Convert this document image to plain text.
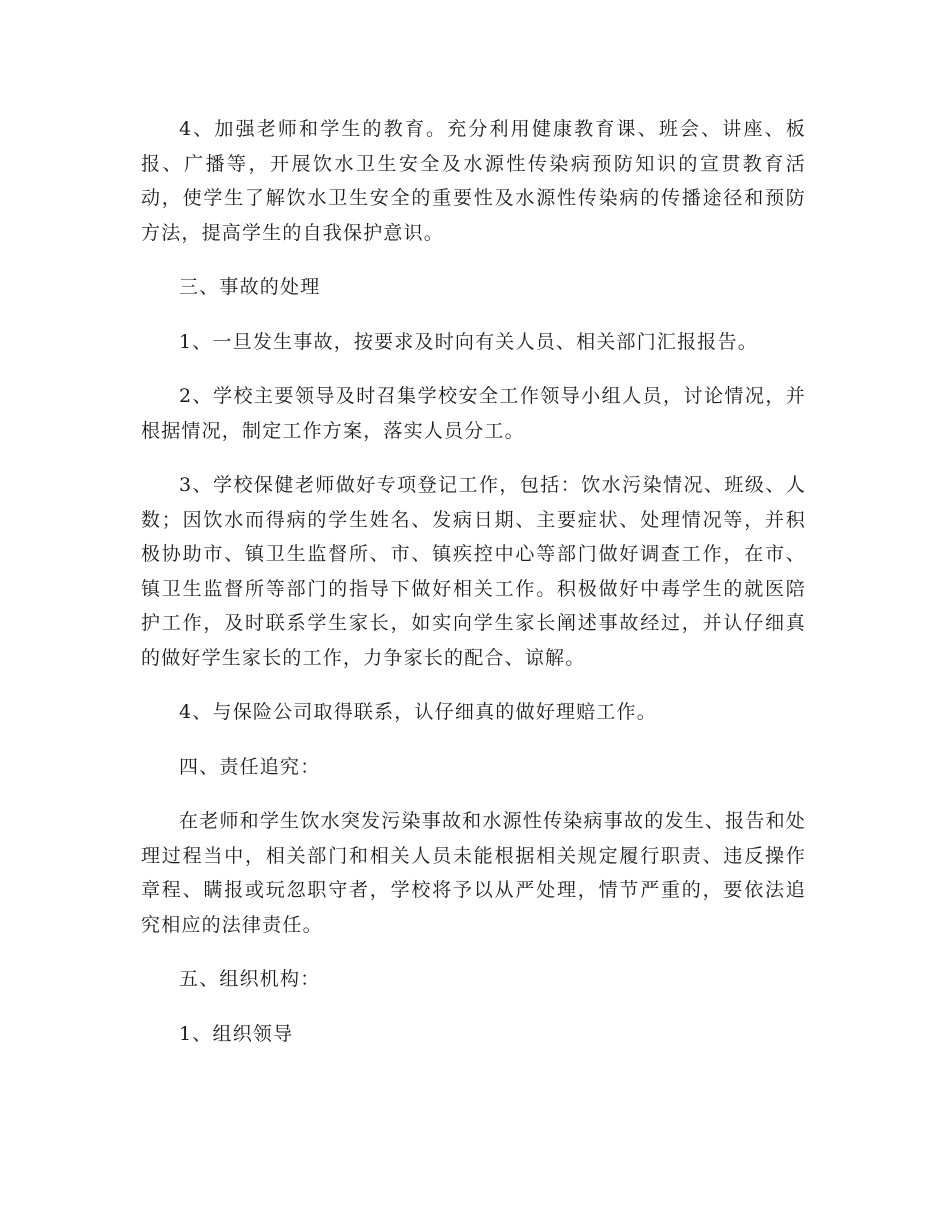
4、加强老师和学生的教育。充分利用健康教育课、班会、讲座、板报、广播等，开展饮水卫生安全及水源性传染病预防知识的宣贯教育活动，使学生了解饮水卫生安全的重要性及水源性传染病的传播途径和预防方法，提高学生的自我保护意识。

三、事故的处理

1、一旦发生事故，按要求及时向有关人员、相关部门汇报报告。

2、学校主要领导及时召集学校安全工作领导小组人员，讨论情况，并根据情况，制定工作方案，落实人员分工。

3、学校保健老师做好专项登记工作，包括：饮水污染情况、班级、人数；因饮水而得病的学生姓名、发病日期、主要症状、处理情况等，并积极协助市、镇卫生监督所、市、镇疾控中心等部门做好调查工作，在市、镇卫生监督所等部门的指导下做好相关工作。积极做好中毒学生的就医陪护工作，及时联系学生家长，如实向学生家长阐述事故经过，并认仔细真的做好学生家长的工作，力争家长的配合、谅解。

4、与保险公司取得联系，认仔细真的做好理赔工作。

四、责任追究：

在老师和学生饮水突发污染事故和水源性传染病事故的发生、报告和处理过程当中，相关部门和相关人员未能根据相关规定履行职责、违反操作章程、瞒报或玩忽职守者，学校将予以从严处理，情节严重的，要依法追究相应的法律责任。

五、组织机构：

1、组织领导
